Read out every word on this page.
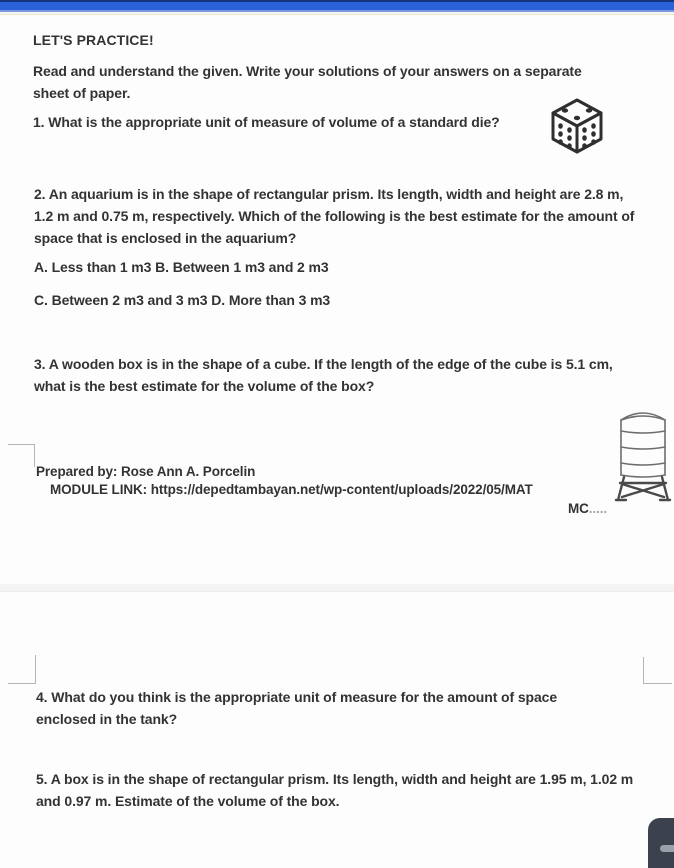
LET'S PRACTICE!
Read and understand the given. Write your solutions of your answers on a separate sheet of paper.
1. What is the appropriate unit of measure of volume of a standard die?
2. An aquarium is in the shape of rectangular prism. Its length, width and height are 2.8 m, 1.2 m and 0.75 m, respectively. Which of the following is the best estimate for the amount of space that is enclosed in the aquarium?
A. Less than 1 m3 B. Between 1 m3 and 2 m3
C. Between 2 m3 and 3 m3 D. More than 3 m3
3. A wooden box is in the shape of a cube. If the length of the edge of the cube is 5.1 cm, what is the best estimate for the volume of the box?
Prepared by: Rose Ann A. Porcelin
MODULE LINK: https://depedtambayan.net/wp-content/uploads/2022/05/MAT
MC.....
4. What do you think is the appropriate unit of measure for the amount of space enclosed in the tank?
5. A box is in the shape of rectangular prism. Its length, width and height are 1.95 m, 1.02 m and 0.97 m. Estimate of the volume of the box.
